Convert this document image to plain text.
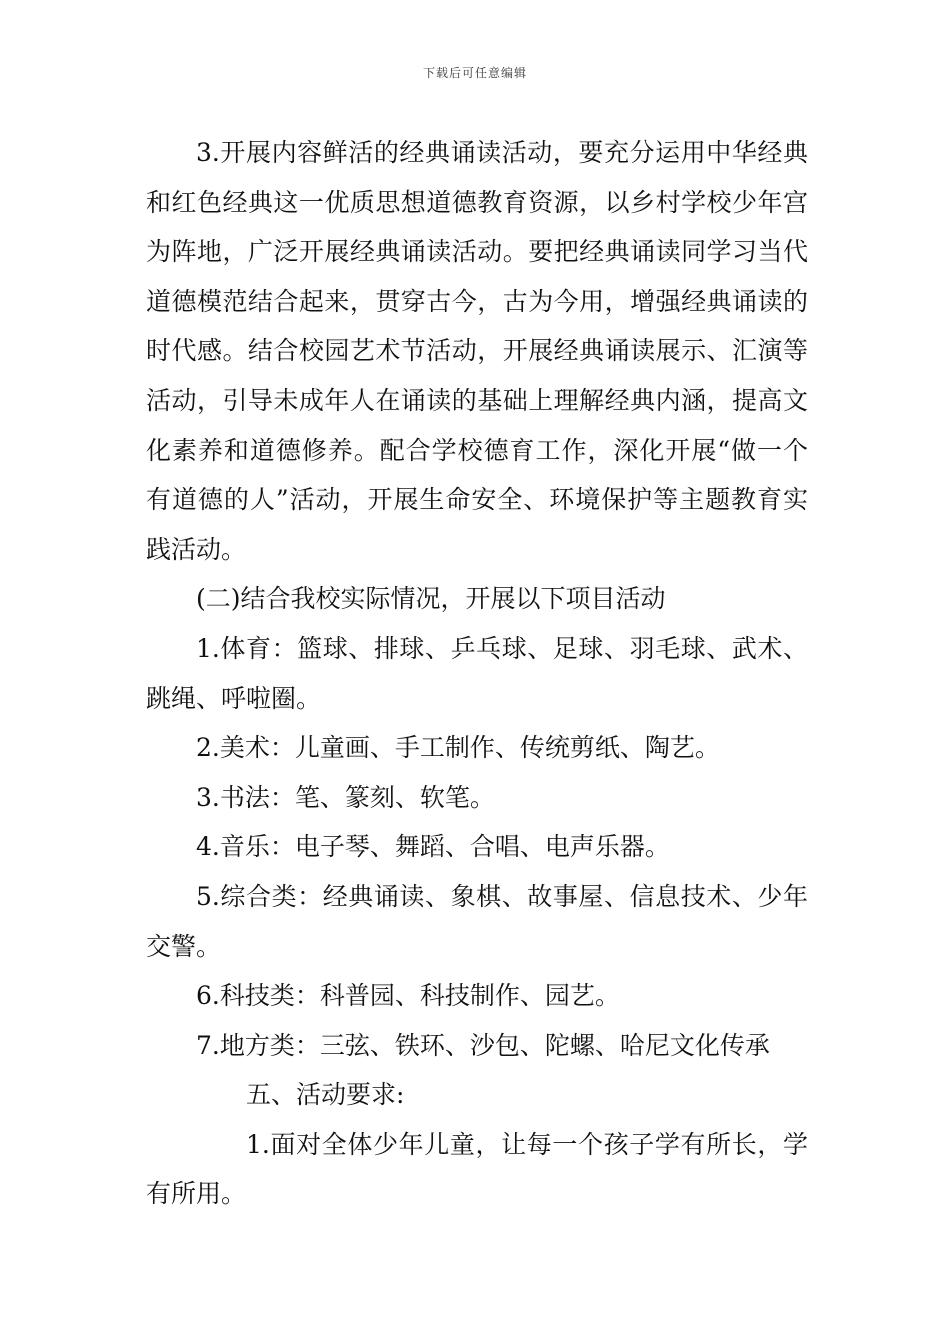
下载后可任意编辑

3.开展内容鲜活的经典诵读活动，要充分运用中华经典和红色经典这一优质思想道德教育资源，以乡村学校少年宫为阵地，广泛开展经典诵读活动。要把经典诵读同学习当代道德模范结合起来，贯穿古今，古为今用，增强经典诵读的时代感。结合校园艺术节活动，开展经典诵读展示、汇演等活动，引导未成年人在诵读的基础上理解经典内涵，提高文化素养和道德修养。配合学校德育工作，深化开展“做一个有道德的人”活动，开展生命安全、环境保护等主题教育实践活动。

(二)结合我校实际情况，开展以下项目活动

1.体育：篮球、排球、乒乓球、足球、羽毛球、武术、跳绳、呼啦圈。

2.美术：儿童画、手工制作、传统剪纸、陶艺。

3.书法：笔、篆刻、软笔。

4.音乐：电子琴、舞蹈、合唱、电声乐器。

5.综合类：经典诵读、象棋、故事屋、信息技术、少年交警。

6.科技类：科普园、科技制作、园艺。

7.地方类：三弦、铁环、沙包、陀螺、哈尼文化传承

五、活动要求:

1.面对全体少年儿童，让每一个孩子学有所长，学有所用。
